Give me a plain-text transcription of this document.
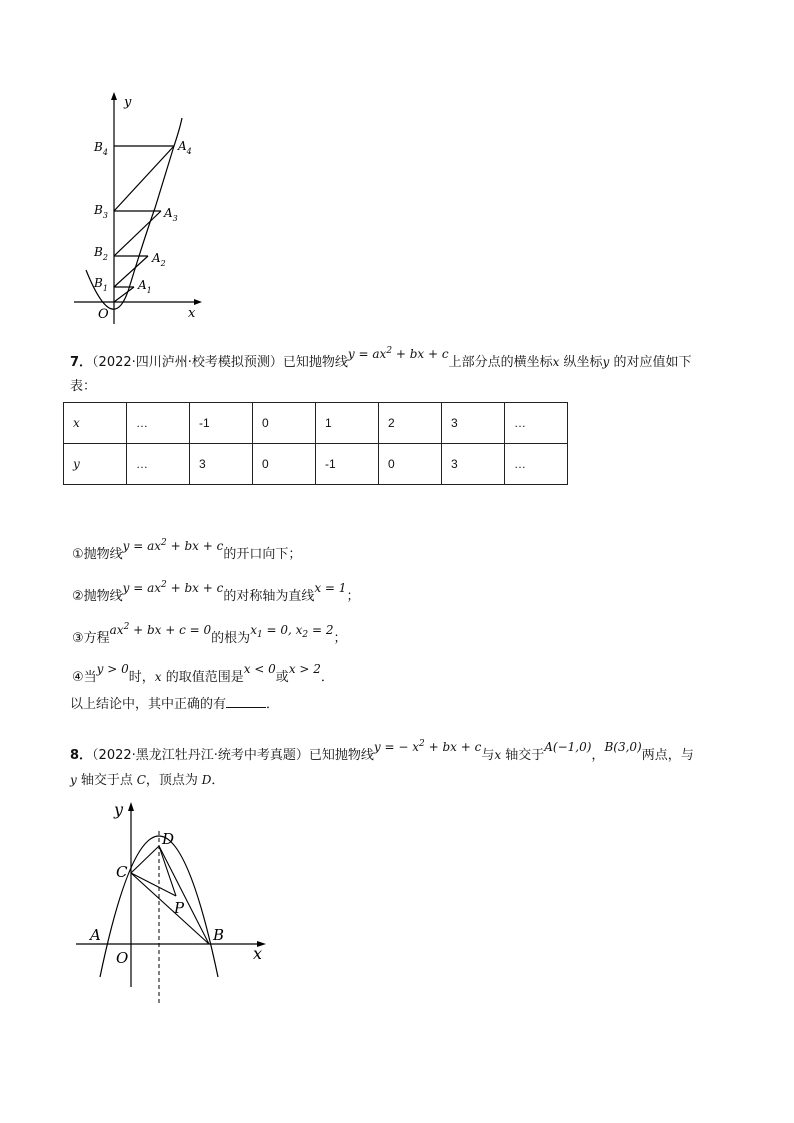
y
x
O
$B_4$
$B_3$
$B_2$
$B_1$
$A_4$
$A_3$
$A_2$
$A_1$
7．（2022·四川泸州·校考模拟预测）已知抛物线$y = ax^2$ + bx + c上部分点的横坐标x 纵坐标y 的对应值如下
表：
x	…	-1	0	1	2	3	…
y	…	3	0	-1	0	3	…
①抛物线$y = ax^2$ + bx + c的开口向下；
②抛物线$y = ax^2$ + bx + c的对称轴为直线x = 1；
③方程$ax^2$ + bx + c = 0的根为$x_1 = 0$, $x_2 = 2$；
④当y > 0时，x 的取值范围是x < 0或x > 2．
以上结论中，其中正确的有	．
8．（2022·黑龙江牡丹江·统考中考真题）已知抛物线y = − $x^2$ + bx + c与x 轴交于A(−1,0)，B(3,0)两点，与
y 轴交于点 C，顶点为 D．
y
x
O
A	B
C
D
P
